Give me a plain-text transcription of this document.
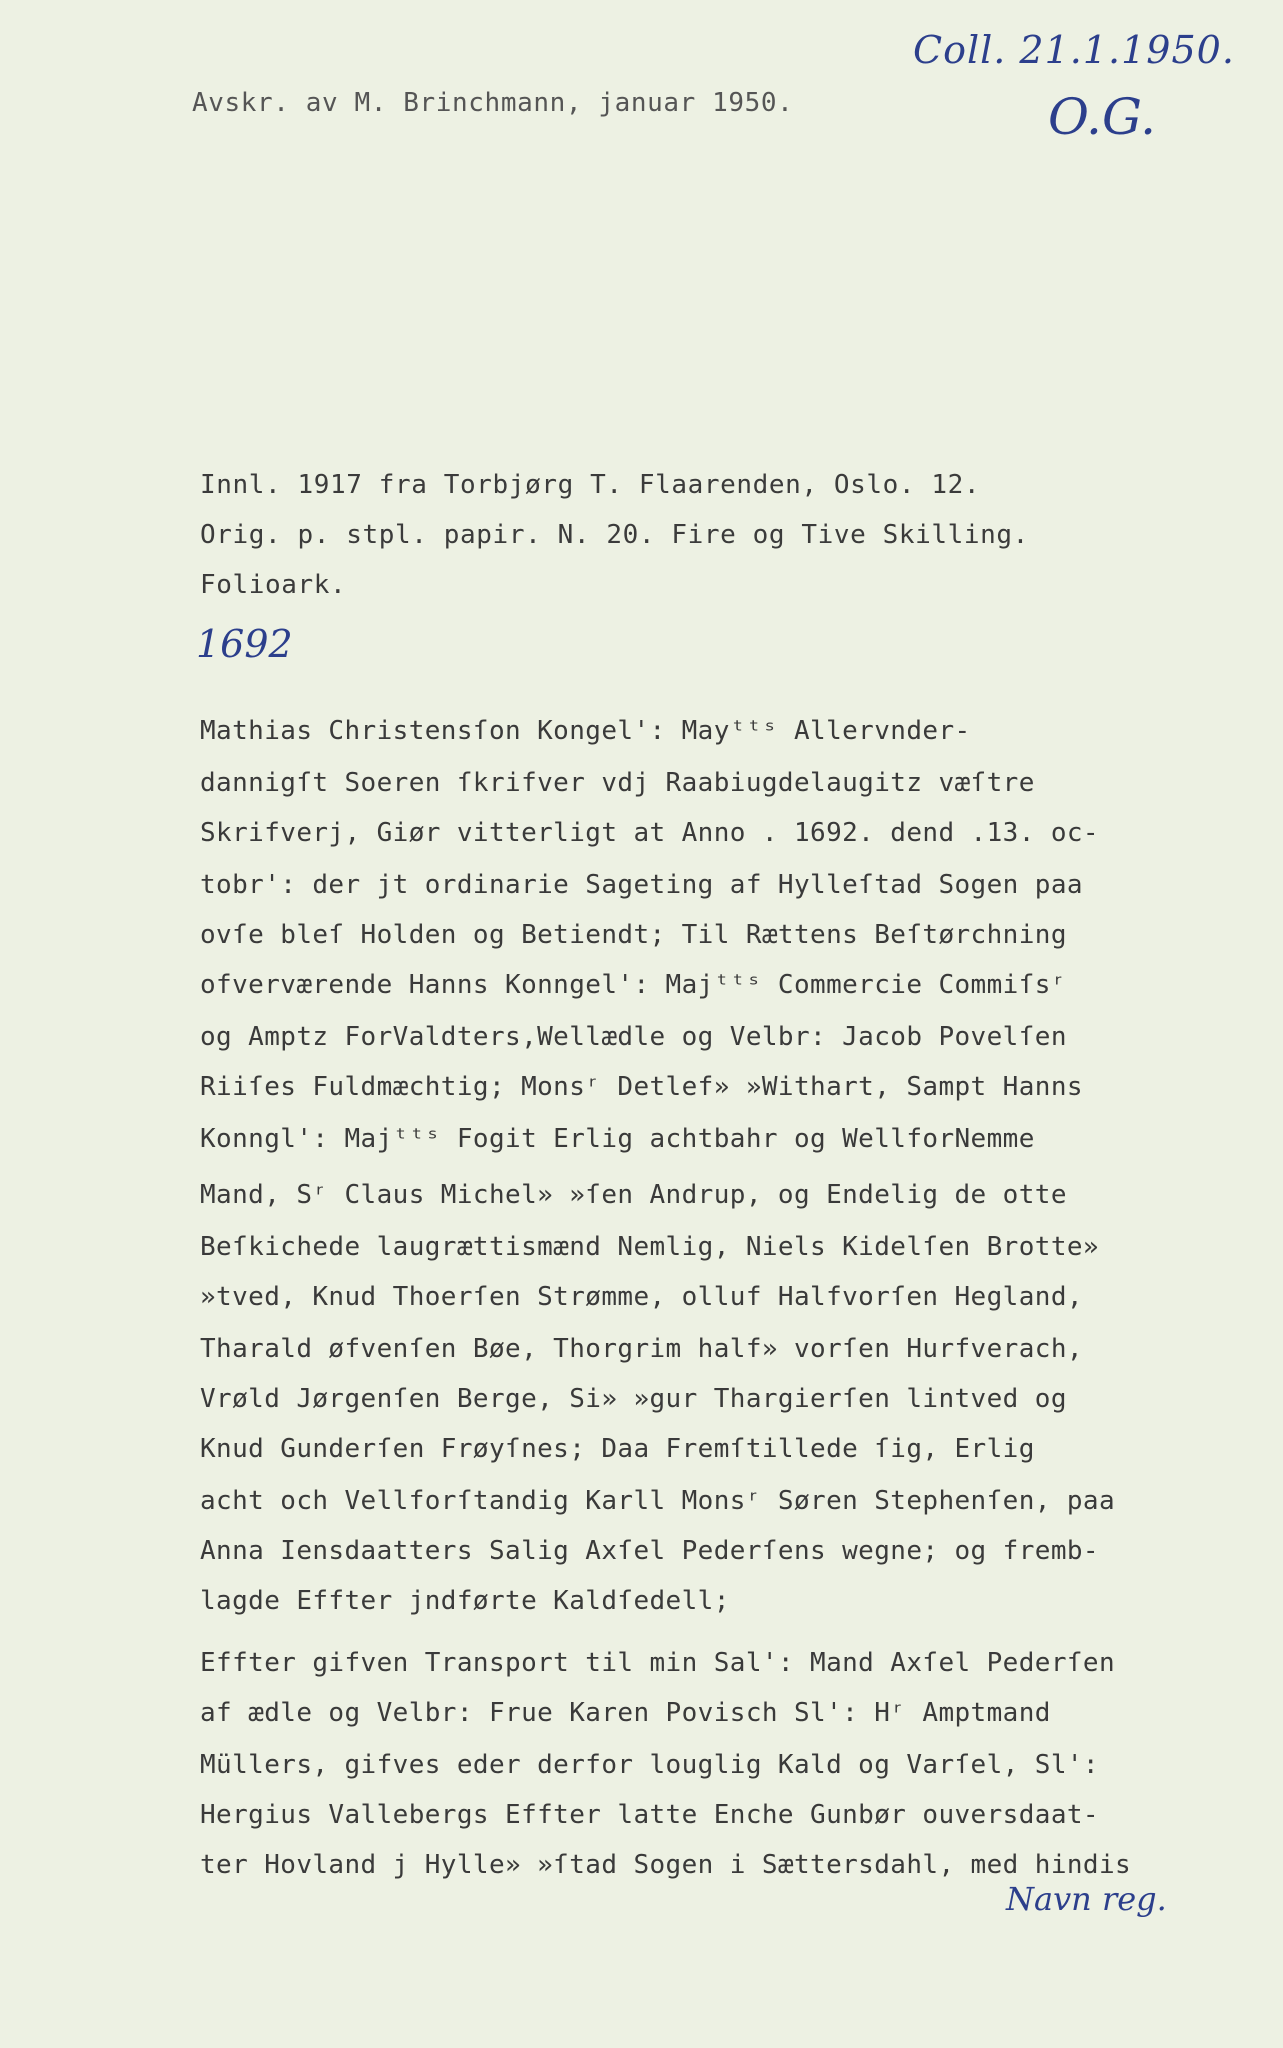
Avskr. av M. Brinchmann, januar 1950.
Coll. 21.1.1950.
O.G.
Innl. 1917 fra Torbjørg T. Flaarenden, Oslo. 12.
Orig. p. stpl. papir. N. 20. Fire og Tive Skilling.
Folioark.
1692
Mathias Christensſon Kongel': Mayᵗᵗˢ Allervnder-
dannigſt Soeren ſkrifver vdj Raabiugdelaugitz væſtre
Skrifverj, Giør vitterligt at Anno . 1692. dend .13. oc-
tobr': der jt ordinarie Sageting af Hylleſtad Sogen paa
ovſe bleſ Holden og Betiendt; Til Rættens Beſtørchning
ofverværende Hanns Konngel': Majᵗᵗˢ Commercie Commiſsʳ
og Amptz ForValdters,Wellædle og Velbr: Jacob Povelſen
Riiſes Fuldmæchtig; Monsʳ Detlef» »Withart, Sampt Hanns
Konngl': Majᵗᵗˢ Fogit Erlig achtbahr og WellforNemme
Mand, Sʳ Claus Michel» »ſen Andrup, og Endelig de otte
Beſkichede laugrættismænd Nemlig, Niels Kidelſen Brotte»
»tved, Knud Thoerſen Strømme, olluf Halfvorſen Hegland,
Tharald øfvenſen Bøe, Thorgrim half» vorſen Hurfverach,
Vrøld Jørgenſen Berge, Si» »gur Thargierſen lintved og
Knud Gunderſen Frøyſnes; Daa Fremſtillede ſig, Erlig
acht och Vellforſtandig Karll Monsʳ Søren Stephenſen, paa
Anna Iensdaatters Salig Axſel Pederſens wegne; og fremb-
lagde Effter jndførte Kaldſedell;
Effter gifven Transport til min Sal': Mand Axſel Pederſen
af ædle og Velbr: Frue Karen Povisch Sl': Hʳ Amptmand
Müllers, gifves eder derfor louglig Kald og Varſel, Sl':
Hergius Vallebergs Effter latte Enche Gunbør ouversdaat-
ter Hovland j Hylle» »ſtad Sogen i Sættersdahl, med hindis
Navn reg.
